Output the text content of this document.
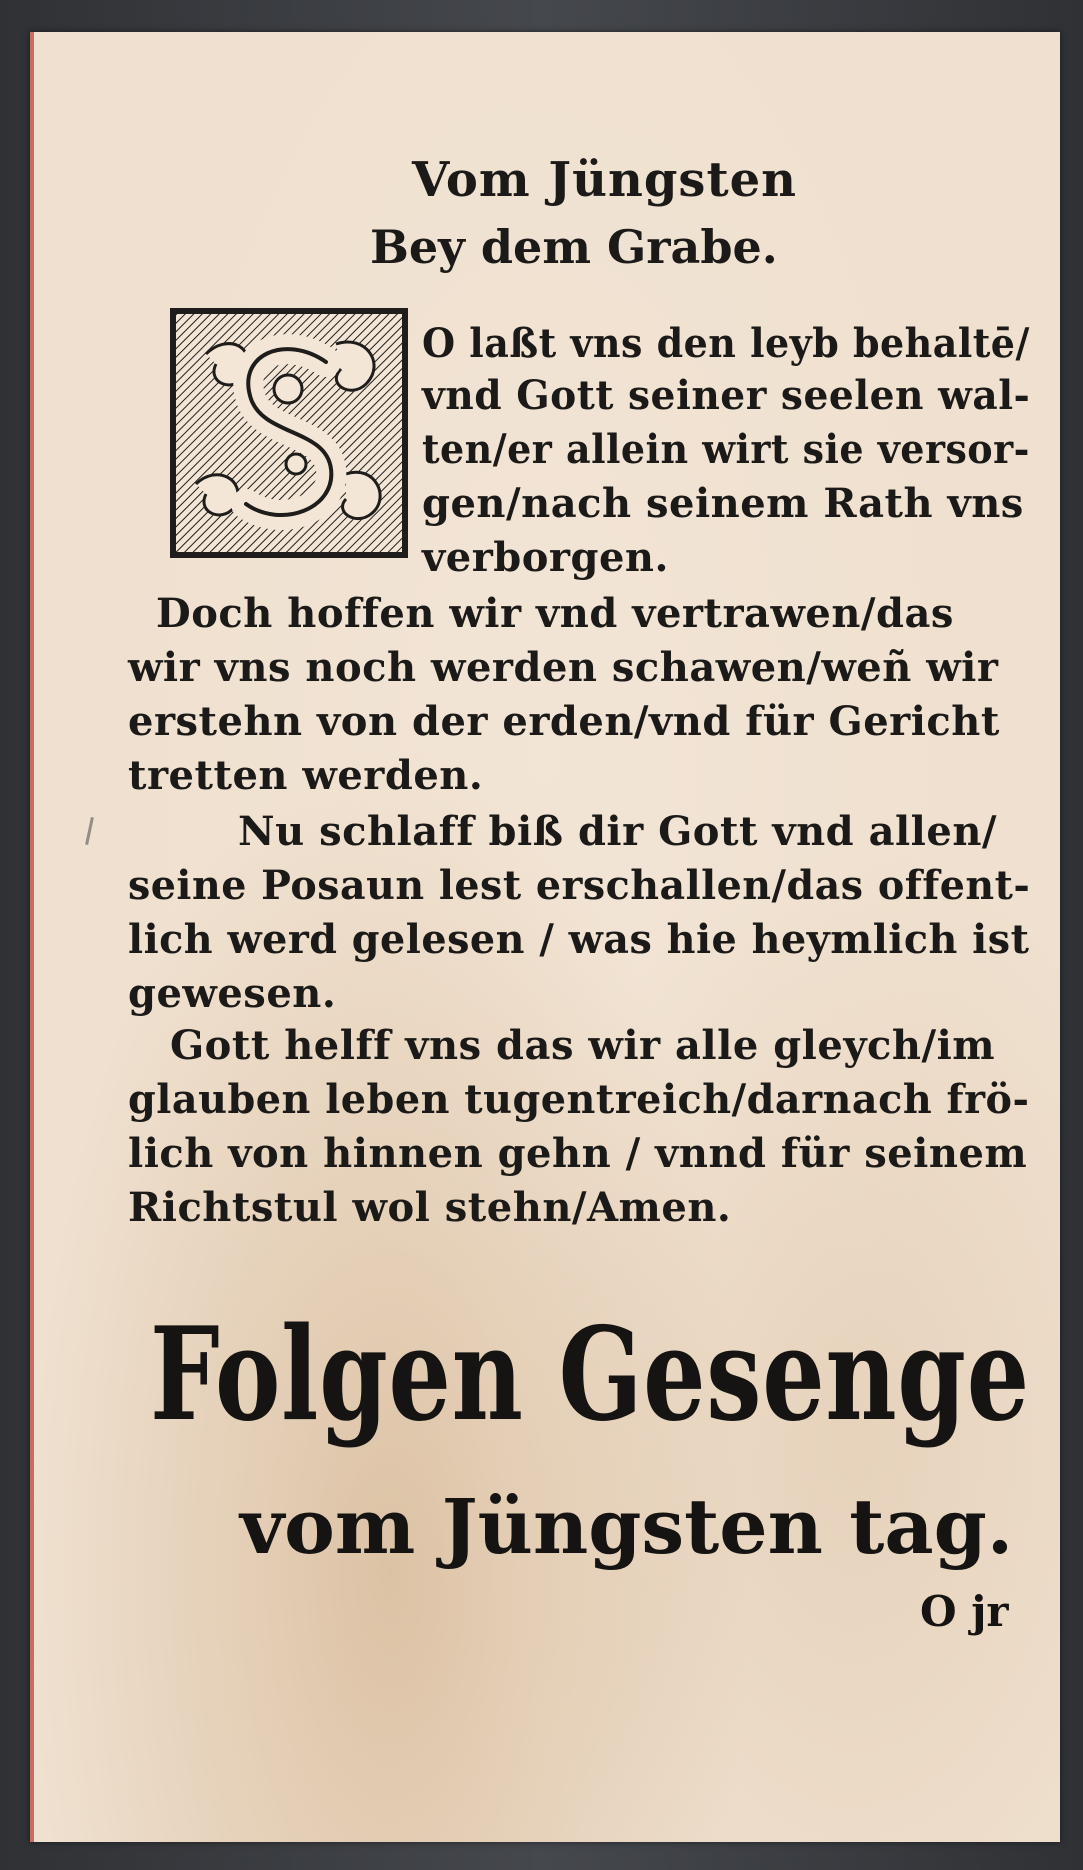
Vom Jüngsten
Bey dem Grabe.
O laßt vns den leyb behaltē/
vnd Gott seiner seelen wal-
ten/er allein wirt sie versor-
gen/nach seinem Rath vns
verborgen.
Doch hoffen wir vnd vertrawen/das
wir vns noch werden schawen/weñ wir
erstehn von der erden/vnd für Gericht
tretten werden.
Nu schlaff biß dir Gott vnd allen/
seine Posaun lest erschallen/das offent-
lich werd gelesen / was hie heymlich ist
gewesen.
Gott helff vns das wir alle gleych/im
glauben leben tugentreich/darnach frö-
lich von hinnen gehn / vnnd für seinem
Richtstul wol stehn/Amen.
Folgen Gesenge
vom Jüngsten tag.
O jr
